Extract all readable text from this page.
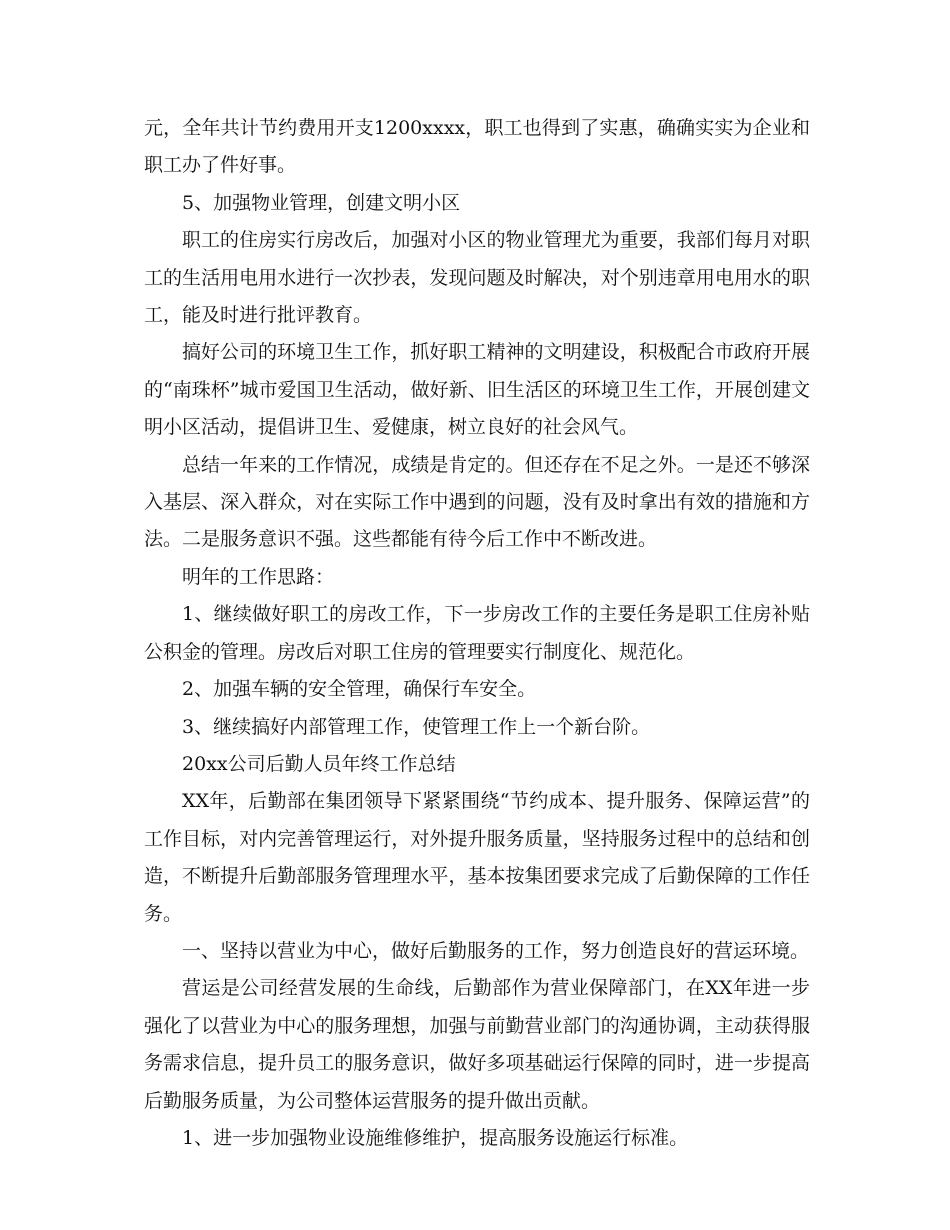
元，全年共计节约费用开支1200xxxx，职工也得到了实惠，确确实实为企业和职工办了件好事。

5、加强物业管理，创建文明小区

职工的住房实行房改后，加强对小区的物业管理尤为重要，我部们每月对职工的生活用电用水进行一次抄表，发现问题及时解决，对个别违章用电用水的职工，能及时进行批评教育。

搞好公司的环境卫生工作，抓好职工精神的文明建设，积极配合市政府开展的“南珠杯”城市爱国卫生活动，做好新、旧生活区的环境卫生工作，开展创建文明小区活动，提倡讲卫生、爱健康，树立良好的社会风气。

总结一年来的工作情况，成绩是肯定的。但还存在不足之外。一是还不够深入基层、深入群众，对在实际工作中遇到的问题，没有及时拿出有效的措施和方法。二是服务意识不强。这些都能有待今后工作中不断改进。

明年的工作思路：

1、继续做好职工的房改工作，下一步房改工作的主要任务是职工住房补贴公积金的管理。房改后对职工住房的管理要实行制度化、规范化。

2、加强车辆的安全管理，确保行车安全。

3、继续搞好内部管理工作，使管理工作上一个新台阶。

20xx公司后勤人员年终工作总结

XX年，后勤部在集团领导下紧紧围绕“节约成本、提升服务、保障运营”的工作目标，对内完善管理运行，对外提升服务质量，坚持服务过程中的总结和创造，不断提升后勤部服务管理理水平，基本按集团要求完成了后勤保障的工作任务。

一、坚持以营业为中心，做好后勤服务的工作，努力创造良好的营运环境。

营运是公司经营发展的生命线，后勤部作为营业保障部门，在XX年进一步强化了以营业为中心的服务理想，加强与前勤营业部门的沟通协调，主动获得服务需求信息，提升员工的服务意识，做好多项基础运行保障的同时，进一步提高后勤服务质量，为公司整体运营服务的提升做出贡献。

1、进一步加强物业设施维修维护，提高服务设施运行标准。
